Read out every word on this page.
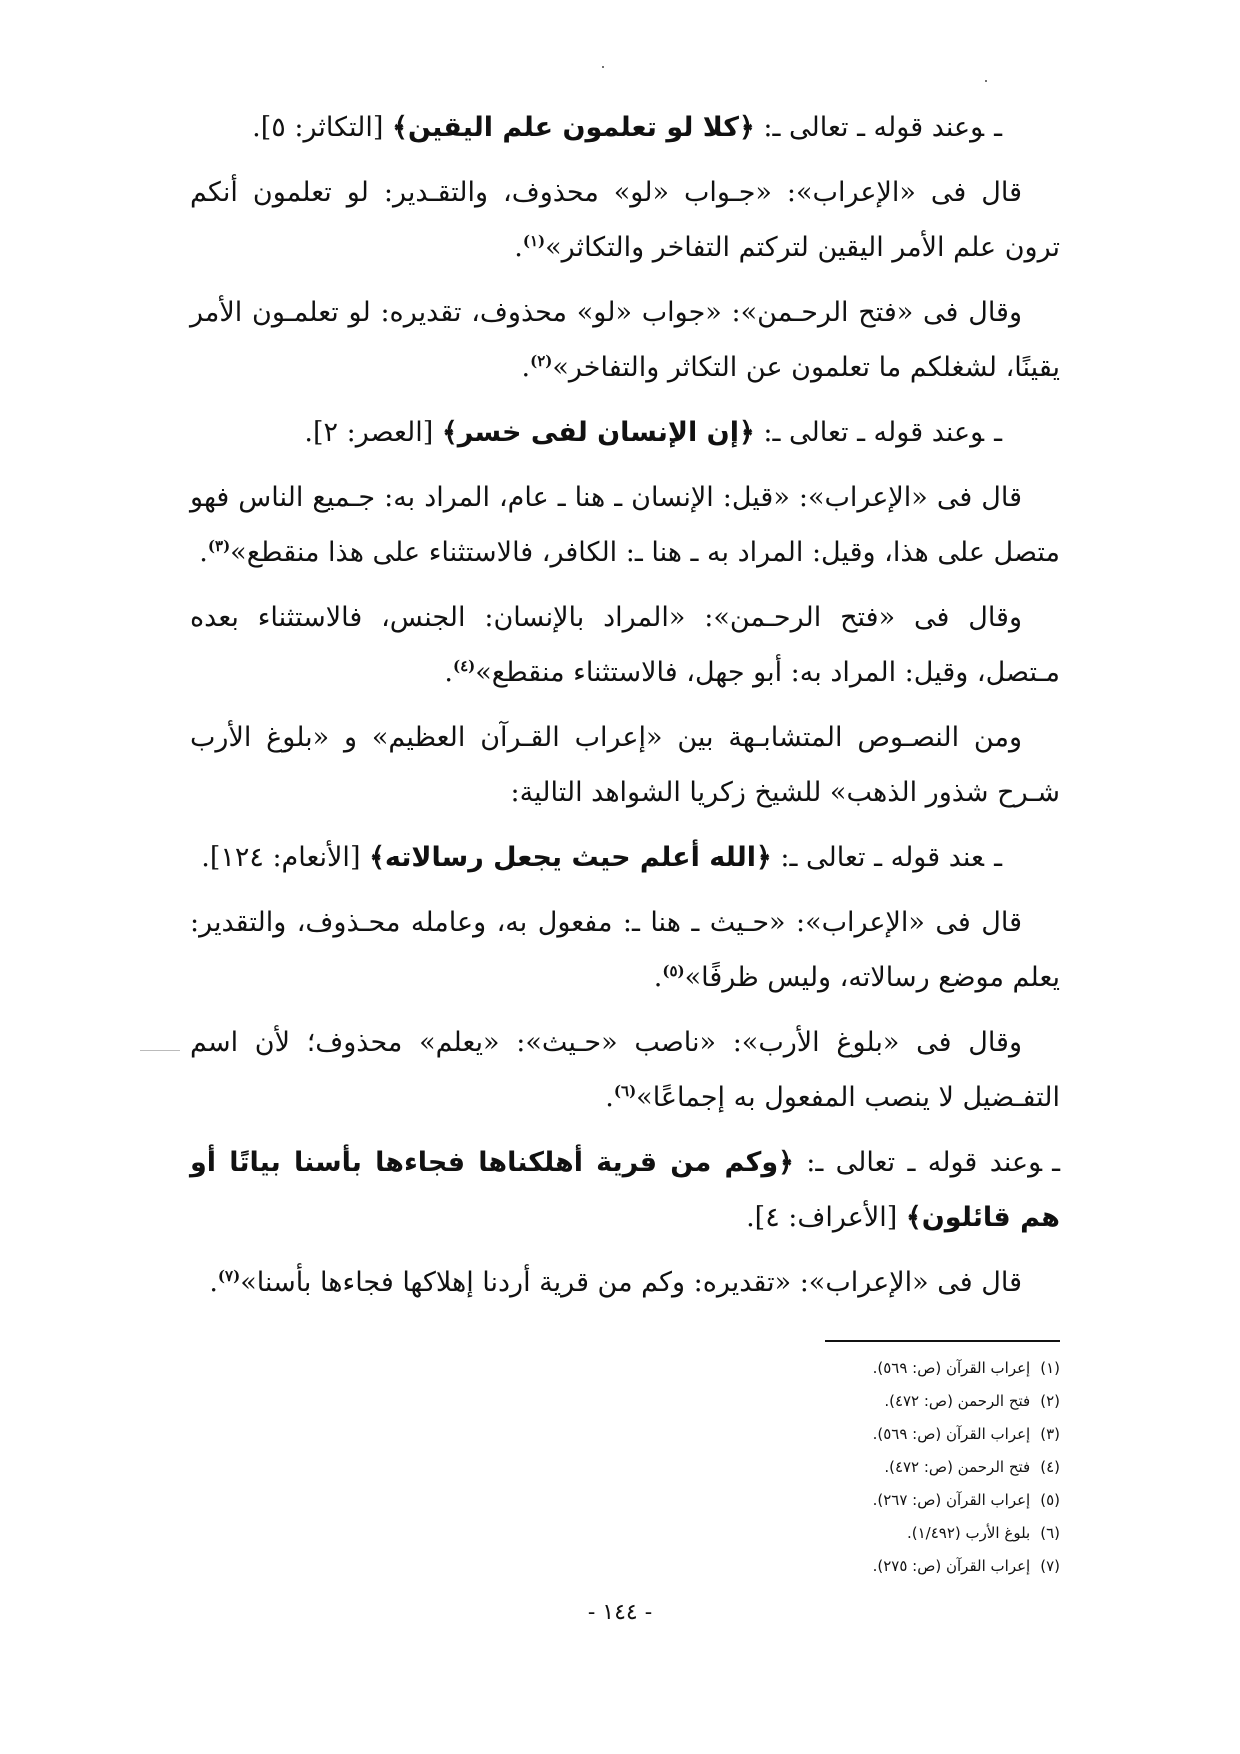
ـوعند قوله ـ تعالى ـ: ﴿كلا لو تعلمون علم اليقين﴾ [التكاثر: ٥].

قال فى «الإعراب»: «جـواب «لو» محذوف، والتقـدير: لو تعلمون أنكم ترون علم الأمر اليقين لتركتم التفاخر والتكاثر»$^{(١)}$.

وقال فى «فتح الرحـمن»: «جواب «لو» محذوف، تقديره: لو تعلمـون الأمر يقينًا، لشغلكم ما تعلمون عن التكاثر والتفاخر»$^{(٢)}$.

ـوعند قوله ـ تعالى ـ: ﴿إن الإنسان لفى خسر﴾ [العصر: ٢].

قال فى «الإعراب»: «قيل: الإنسان ـ هنا ـ عام، المراد به: جـميع الناس فهو متصل على هذا، وقيل: المراد به ـ هنا ـ: الكافر، فالاستثناء على هذا منقطع»$^{(٣)}$.

وقال فى «فتح الرحـمن»: «المراد بالإنسان: الجنس، فالاستثناء بعده مـتصل، وقيل: المراد به: أبو جهل، فالاستثناء منقطع»$^{(٤)}$.

ومن النصـوص المتشابـهة بين «إعراب القـرآن العظيم» و «بلوغ الأرب شـرح شذور الذهب» للشيخ زكريا الشواهد التالية:

ـعند قوله ـ تعالى ـ: ﴿الله أعلم حيث يجعل رسالاته﴾ [الأنعام: ١٢٤].

قال فى «الإعراب»: «حـيث ـ هنا ـ: مفعول به، وعامله محـذوف، والتقدير: يعلم موضع رسالاته، وليس ظرفًا»$^{(٥)}$.

وقال فى «بلوغ الأرب»: «ناصب «حـيث»: «يعلم» محذوف؛ لأن اسم التفـضيل لا ينصب المفعول به إجماعًا»$^{(٦)}$.

ـوعند قوله ـ تعالى ـ: ﴿وكم من قرية أهلكناها فجاءها بأسنا بياتًا أو هم قائلون﴾ [الأعراف: ٤].

قال فى «الإعراب»: «تقديره: وكم من قرية أردنا إهلاكها فجاءها بأسنا»$^{(٧)}$.

(١)إعراب القرآن (ص: ٥٦٩).
(٢)فتح الرحمن (ص: ٤٧٢).
(٣)إعراب القرآن (ص: ٥٦٩).
(٤)فتح الرحمن (ص: ٤٧٢).
(٥)إعراب القرآن (ص: ٢٦٧).
(٦)بلوغ الأرب (١/٤٩٢).
(٧)إعراب القرآن (ص: ٢٧٥).
- ١٤٤ -
